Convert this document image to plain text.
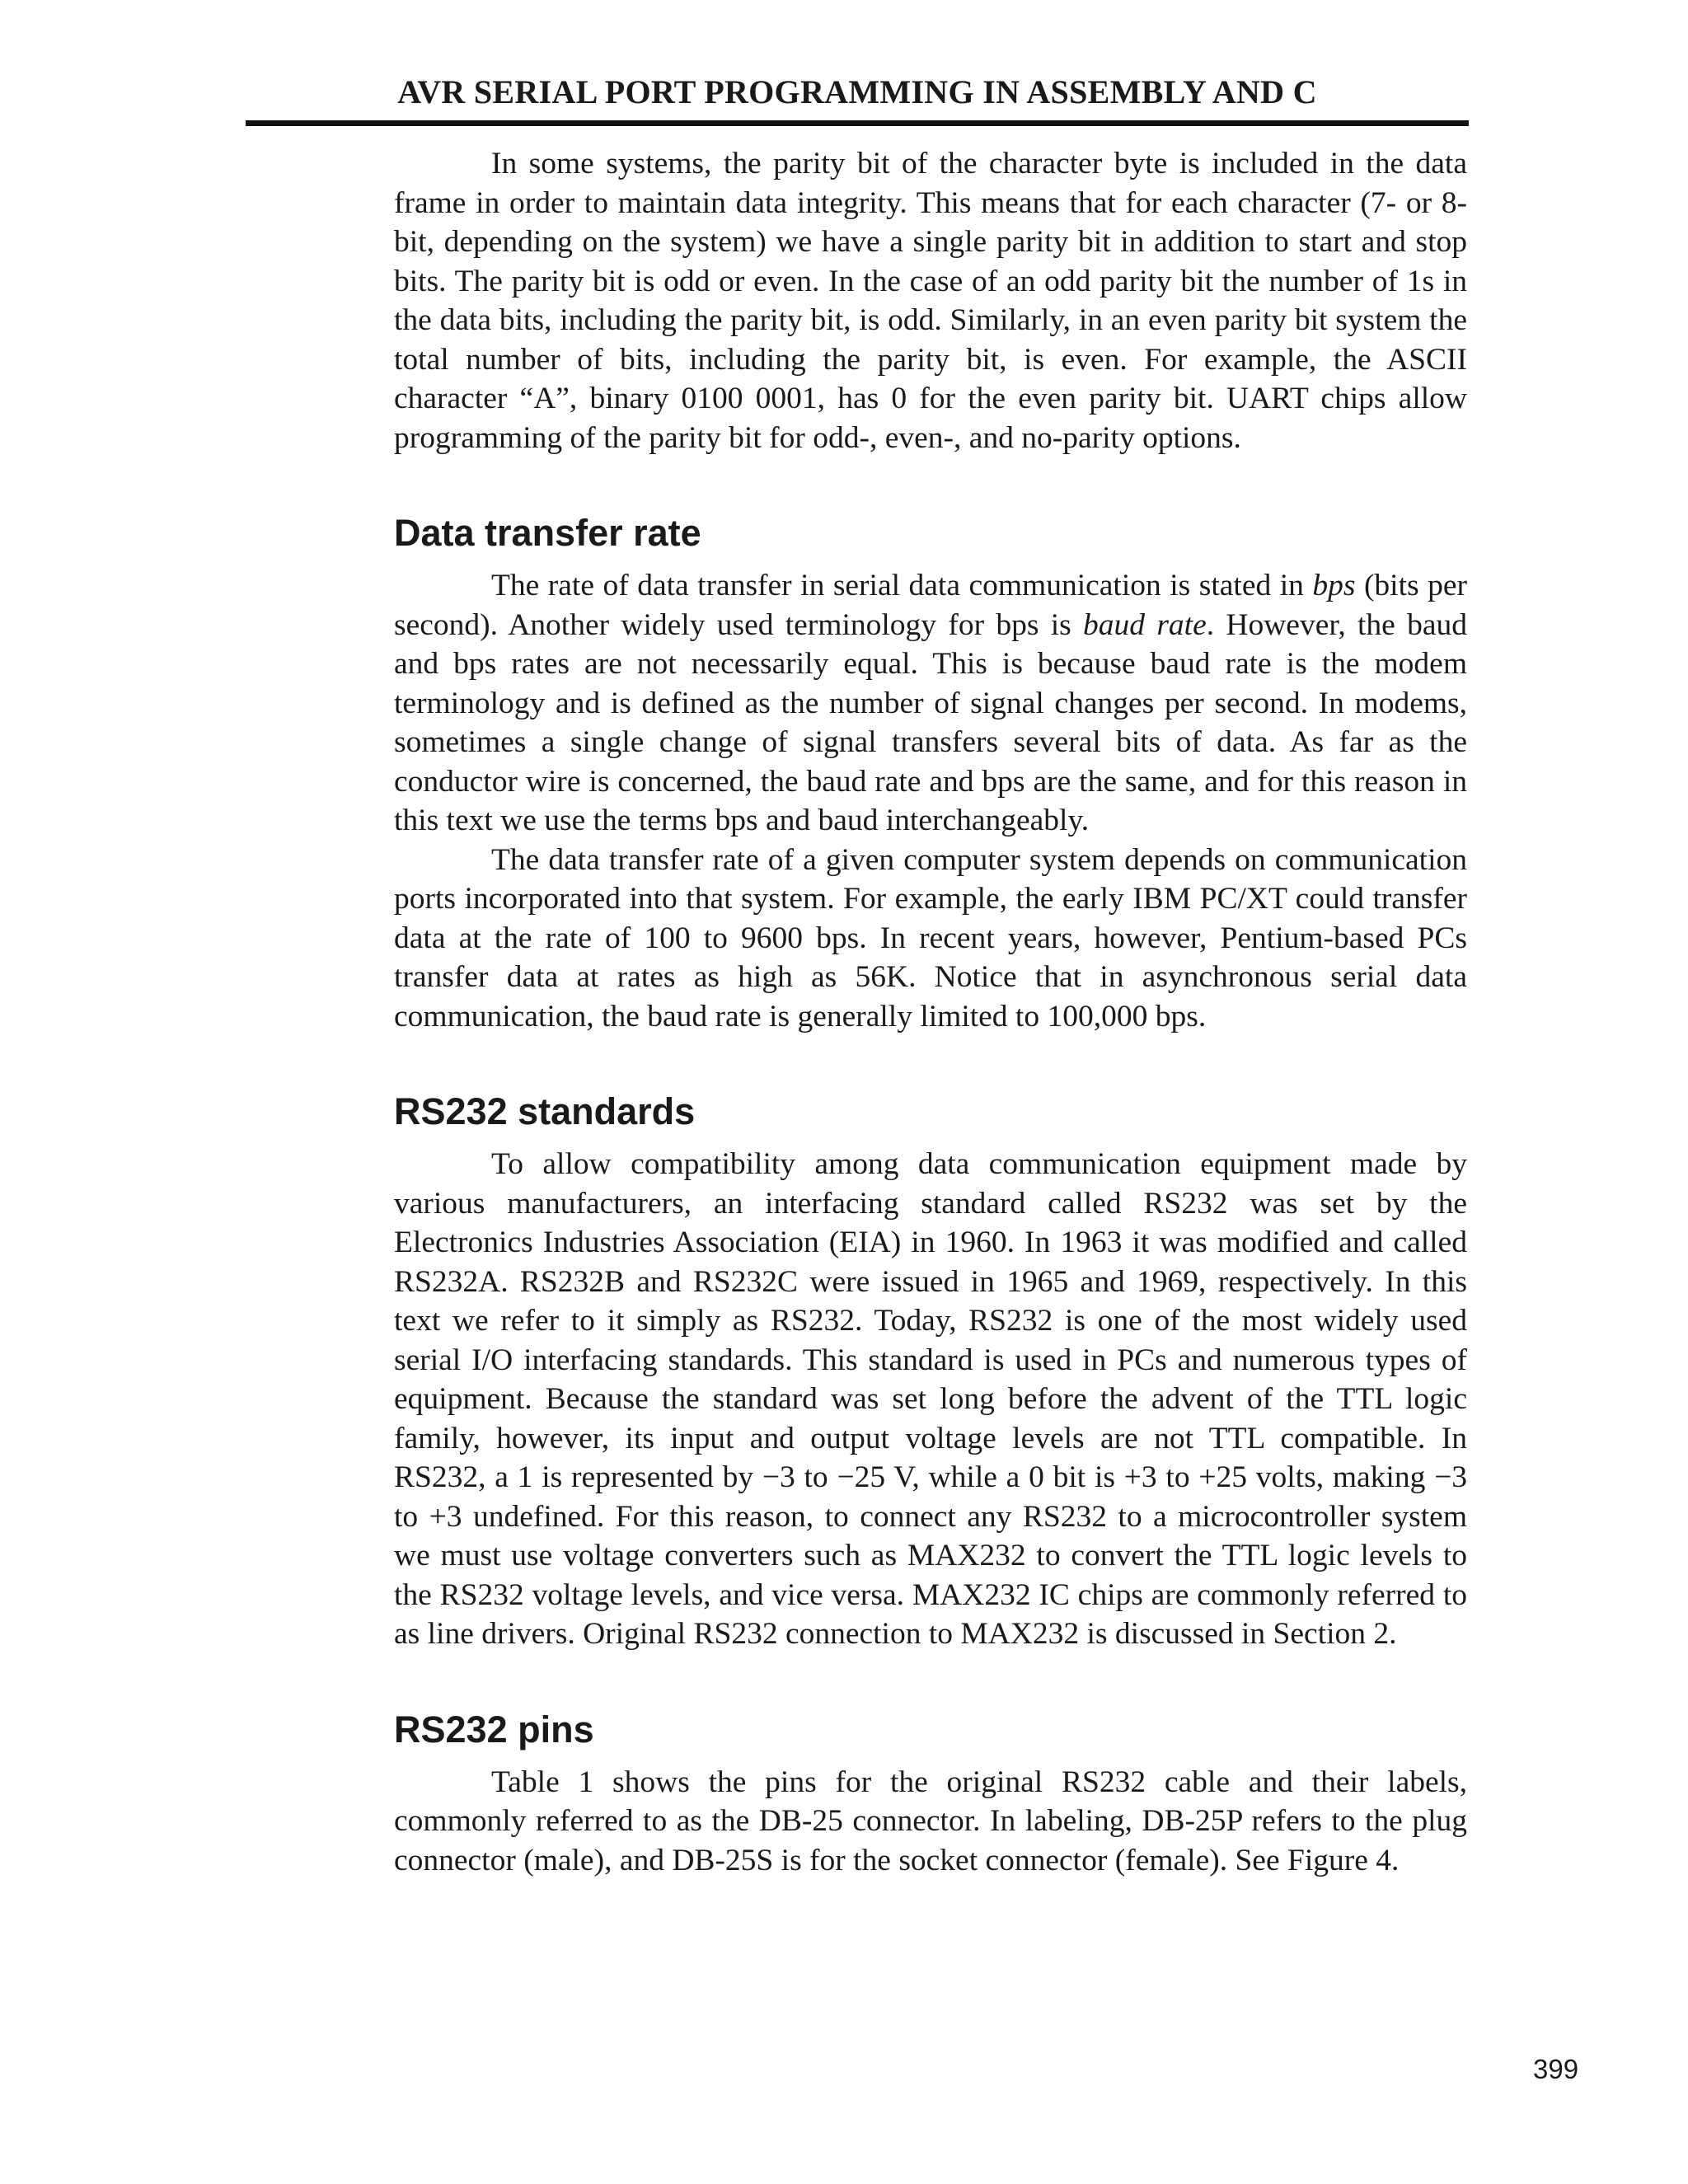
AVR SERIAL PORT PROGRAMMING IN ASSEMBLY AND C

In some systems, the parity bit of the character byte is included in the data frame in order to maintain data integrity. This means that for each character (7- or 8-bit, depending on the system) we have a single parity bit in addition to start and stop bits. The parity bit is odd or even. In the case of an odd parity bit the number of 1s in the data bits, including the parity bit, is odd. Similarly, in an even parity bit system the total number of bits, including the parity bit, is even. For example, the ASCII character “A”, binary 0100 0001, has 0 for the even parity bit. UART chips allow programming of the parity bit for odd-, even-, and no-parity options.

Data transfer rate

The rate of data transfer in serial data communication is stated in bps (bits per second). Another widely used terminology for bps is baud rate. However, the baud and bps rates are not necessarily equal. This is because baud rate is the modem terminology and is defined as the number of signal changes per second. In modems, sometimes a single change of signal transfers several bits of data. As far as the conductor wire is concerned, the baud rate and bps are the same, and for this reason in this text we use the terms bps and baud interchangeably.

The data transfer rate of a given computer system depends on communication ports incorporated into that system. For example, the early IBM PC/XT could transfer data at the rate of 100 to 9600 bps. In recent years, however, Pentium-based PCs transfer data at rates as high as 56K. Notice that in asynchronous serial data communication, the baud rate is generally limited to 100,000 bps.

RS232 standards

To allow compatibility among data communication equipment made by various manufacturers, an interfacing standard called RS232 was set by the Electronics Industries Association (EIA) in 1960. In 1963 it was modified and called RS232A. RS232B and RS232C were issued in 1965 and 1969, respectively. In this text we refer to it simply as RS232. Today, RS232 is one of the most widely used serial I/O interfacing standards. This standard is used in PCs and numerous types of equipment. Because the standard was set long before the advent of the TTL logic family, however, its input and output voltage levels are not TTL compatible. In RS232, a 1 is represented by −3 to −25 V, while a 0 bit is +3 to +25 volts, making −3 to +3 undefined. For this reason, to connect any RS232 to a microcontroller system we must use voltage converters such as MAX232 to convert the TTL logic levels to the RS232 voltage levels, and vice versa. MAX232 IC chips are commonly referred to as line drivers. Original RS232 connection to MAX232 is discussed in Section 2.

RS232 pins

Table 1 shows the pins for the original RS232 cable and their labels, commonly referred to as the DB-25 connector. In labeling, DB-25P refers to the plug connector (male), and DB-25S is for the socket connector (female). See Figure 4.

399
